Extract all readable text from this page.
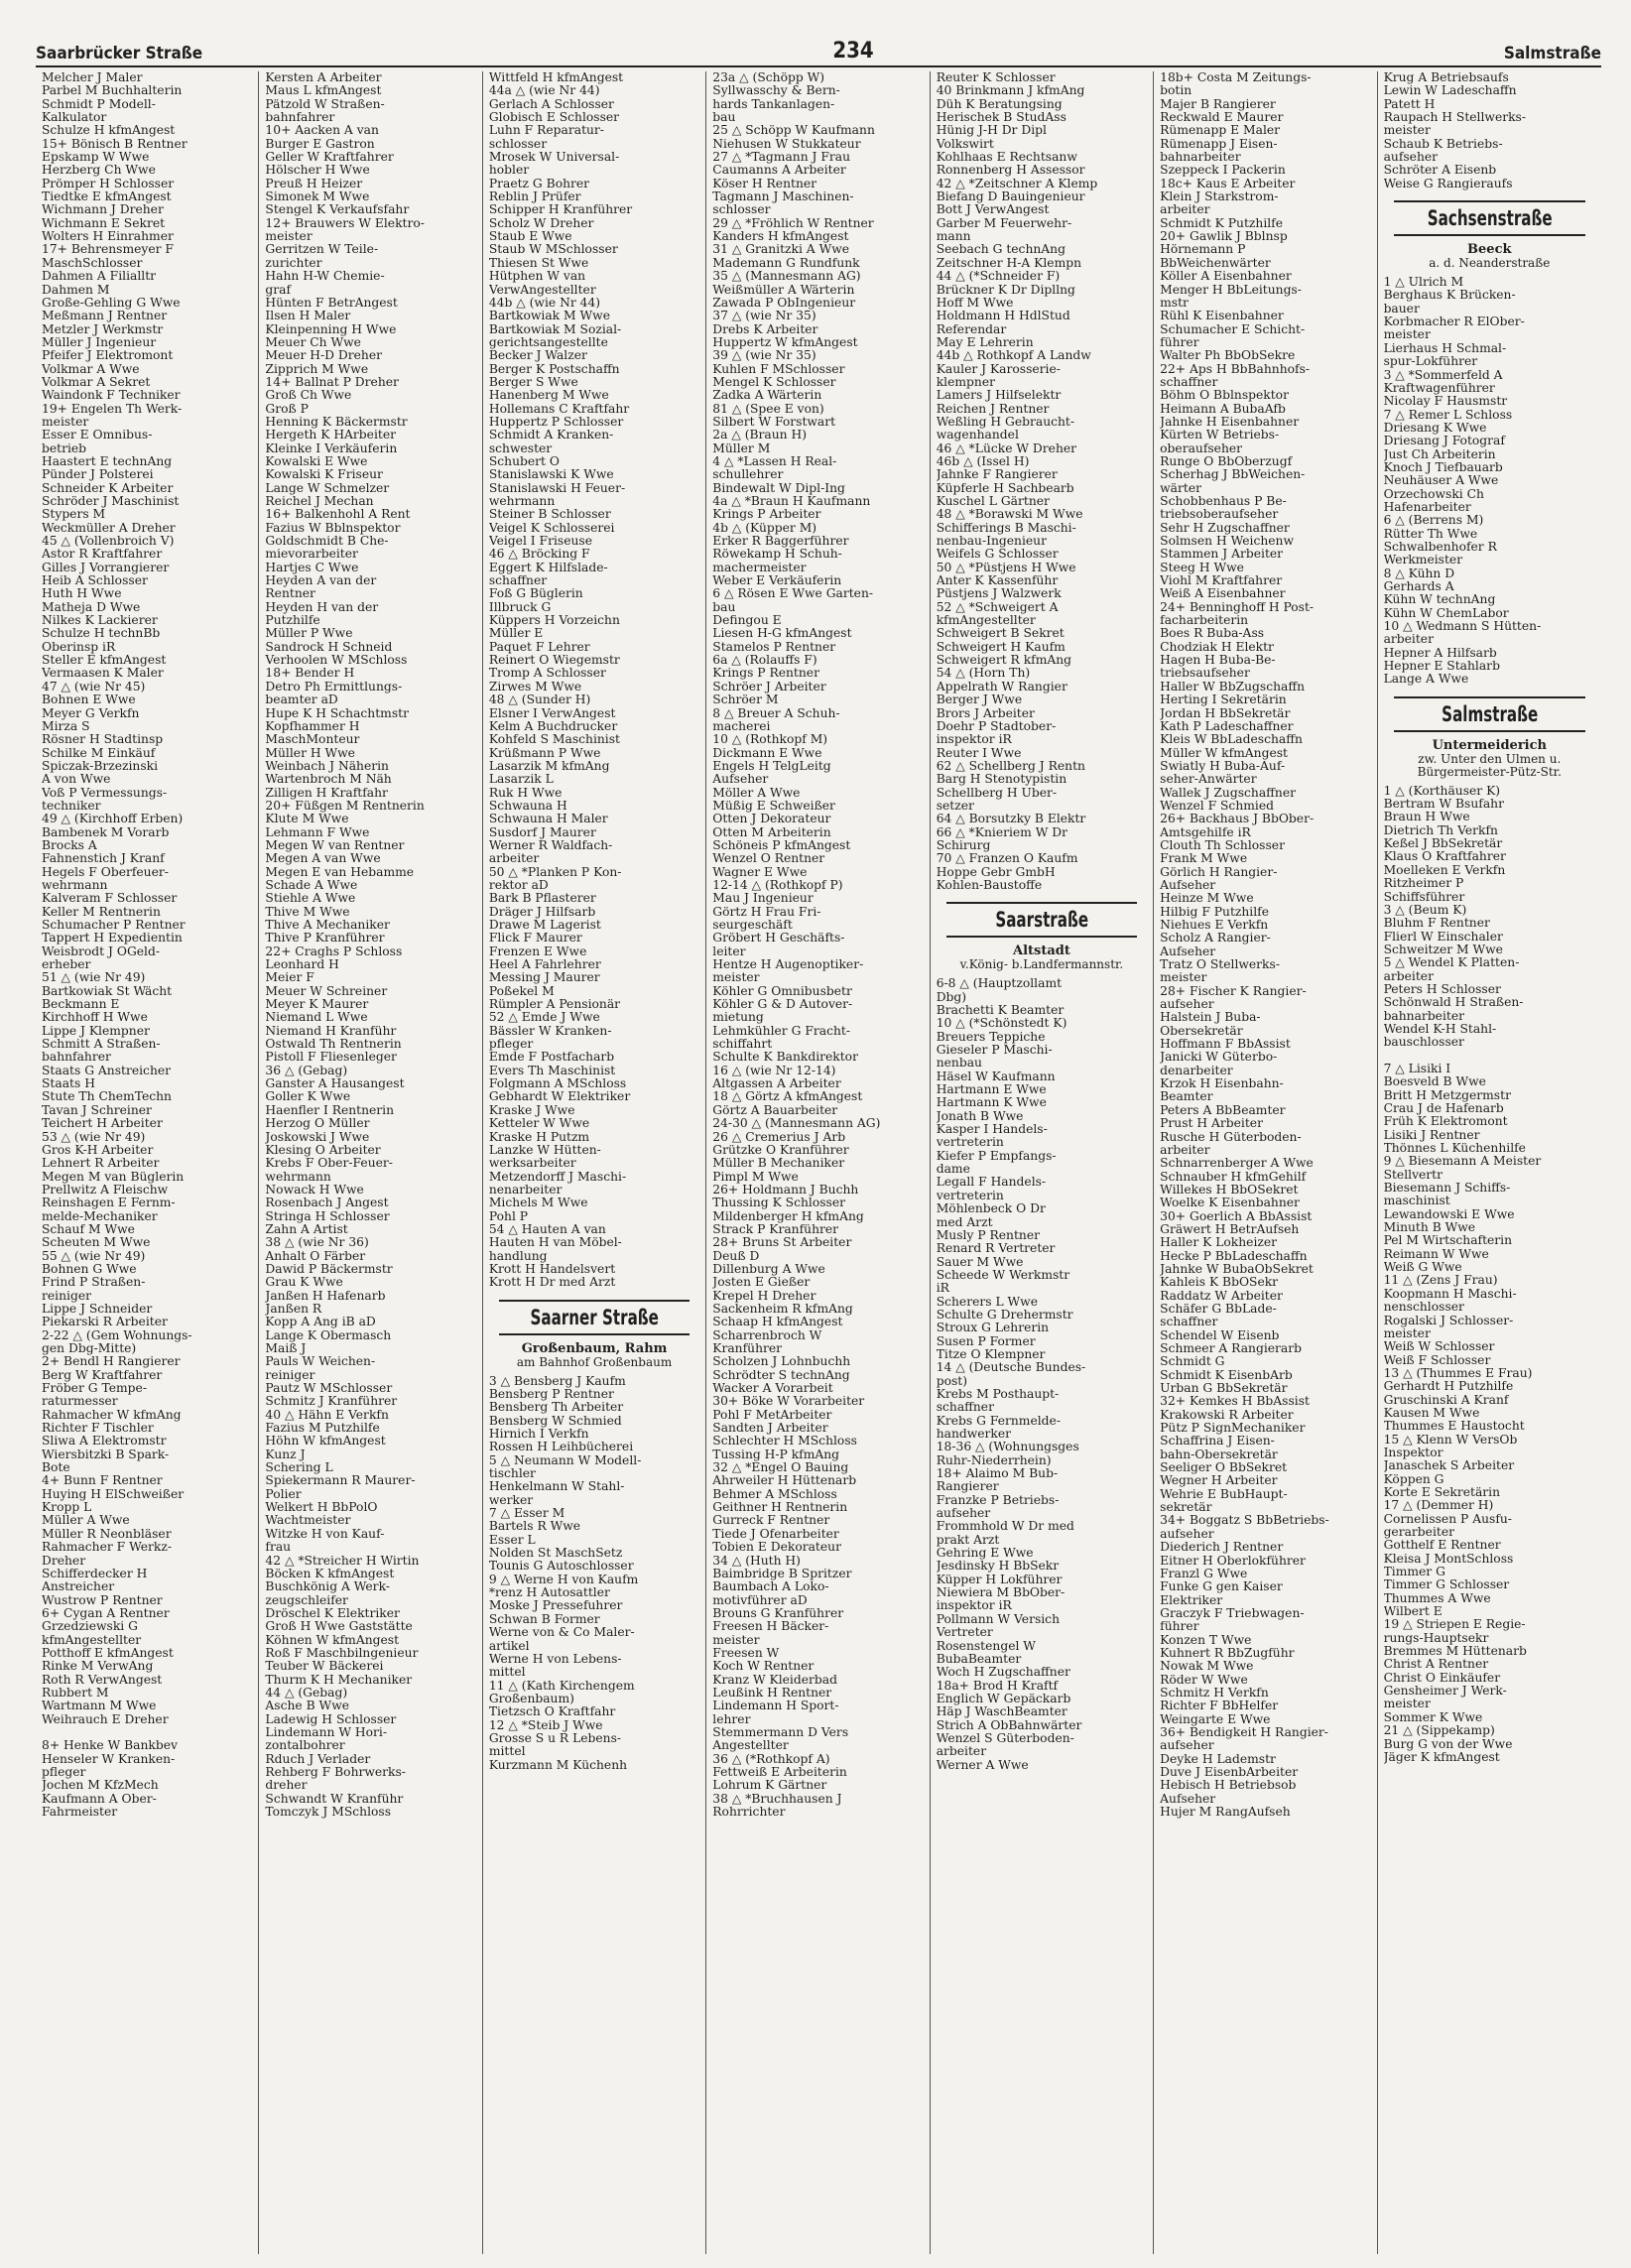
Saarbrücker Straße	234	Salmstraße
Melcher J Maler
Parbel M Buchhalterin
Schmidt P Modell-
Kalkulator
Schulze H kfmAngest
15+ Bönisch B Rentner
Epskamp W Wwe
Herzberg Ch Wwe
Prömper H Schlosser
Tiedtke E kfmAngest
Wichmann J Dreher
Wichmann E Sekret
Wolters H Einrahmer
17+ Behrensmeyer F
MaschSchlosser
Dahmen A Filialltr
Dahmen M
Große-Gehling G Wwe
Meßmann J Rentner
Metzler J Werkmstr
Müller J Ingenieur
Pfeifer J Elektromont
Volkmar A Wwe
Volkmar A Sekret
Waindonk F Techniker
19+ Engelen Th Werk-
meister
Esser E Omnibus-
betrieb
Haastert E technAng
Pünder J Polsterei
Schneider K Arbeiter
Schröder J Maschinist
Stypers M
Weckmüller A Dreher
45 △ (Vollenbroich V)
Astor R Kraftfahrer
Gilles J Vorrangierer
Heib A Schlosser
Huth H Wwe
Matheja D Wwe
Nilkes K Lackierer
Schulze H technBb
Oberinsp iR
Steller E kfmAngest
Vermaasen K Maler
47 △ (wie Nr 45)
Bohnen E Wwe
Meyer G Verkfn
Mirza S
Rösner H Stadtinsp
Schilke M Einkäuf
Spiczak-Brzezinski
A von Wwe
Voß P Vermessungs-
techniker
49 △ (Kirchhoff Erben)
Bambenek M Vorarb
Brocks A
Fahnenstich J Kranf
Hegels F Oberfeuer-
wehrmann
Kalveram F Schlosser
Keller M Rentnerin
Schumacher P Rentner
Tappert H Expedientin
Weisbrodt J OGeld-
erheber
51 △ (wie Nr 49)
Bartkowiak St Wächt
Beckmann E
Kirchhoff H Wwe
Lippe J Klempner
Schmitt A Straßen-
bahnfahrer
Staats G Anstreicher
Staats H
Stute Th ChemTechn
Tavan J Schreiner
Teichert H Arbeiter
53 △ (wie Nr 49)
Gros K-H Arbeiter
Lehnert R Arbeiter
Megen M van Büglerin
Prellwitz A Fleischw
Reinshagen E Fernm-
melde-Mechaniker
Schauf M Wwe
Scheuten M Wwe
55 △ (wie Nr 49)
Bohnen G Wwe
Frind P Straßen-
reiniger
Lippe J Schneider
Piekarski R Arbeiter
2-22 △ (Gem Wohnungs-
gen Dbg-Mitte)
2+ Bendl H Rangierer
Berg W Kraftfahrer
Fröber G Tempe-
raturmesser
Rahmacher W kfmAng
Richter F Tischler
Sliwa A Elektromstr
Wiersbitzki B Spark-
Bote
4+ Bunn F Rentner
Huying H ElSchweißer
Kropp L
Müller A Wwe
Müller R Neonbläser
Rahmacher F Werkz-
Dreher
Schifferdecker H
Anstreicher
Wustrow P Rentner
6+ Cygan A Rentner
Grzedziewski G
kfmAngestellter
Potthoff E kfmAngest
Rinke M VerwAng
Roth R VerwAngest
Rubbert M
Wartmann M Wwe
Weihrauch E Dreher

8+ Henke W Bankbev
Henseler W Kranken-
pfleger
Jochen M KfzMech
Kaufmann A Ober-
Fahrmeister
Kersten A Arbeiter
Maus L kfmAngest
Pätzold W Straßen-
bahnfahrer
10+ Aacken A van
Burger E Gastron
Geller W Kraftfahrer
Hölscher H Wwe
Preuß H Heizer
Simonek M Wwe
Stengel K Verkaufsfahr
12+ Brauwers W Elektro-
meister
Gerritzen W Teile-
zurichter
Hahn H-W Chemie-
graf
Hünten F BetrAngest
Ilsen H Maler
Kleinpenning H Wwe
Meuer Ch Wwe
Meuer H-D Dreher
Zipprich M Wwe
14+ Ballnat P Dreher
Groß Ch Wwe
Groß P
Henning K Bäckermstr
Hergeth K HArbeiter
Kleinke I Verkäuferin
Kowalski E Wwe
Kowalski K Friseur
Lange W Schmelzer
Reichel J Mechan
16+ Balkenhohl A Rent
Fazius W Bblnspektor
Goldschmidt B Che-
mievorarbeiter
Hartjes C Wwe
Heyden A van der
Rentner
Heyden H van der
Putzhilfe
Müller P Wwe
Sandrock H Schneid
Verhoolen W MSchloss
18+ Bender H
Detro Ph Ermittlungs-
beamter aD
Hupe K H Schachtmstr
Kopfhammer H
MaschMonteur
Müller H Wwe
Weinbach J Näherin
Wartenbroch M Näh
Zilligen H Kraftfahr
20+ Füßgen M Rentnerin
Klute M Wwe
Lehmann F Wwe
Megen W van Rentner
Megen A van Wwe
Megen E van Hebamme
Schade A Wwe
Stiehle A Wwe
Thive M Wwe
Thive A Mechaniker
Thive P Kranführer
22+ Craghs P Schloss
Leonhard H
Meier F
Meuer W Schreiner
Meyer K Maurer
Niemand L Wwe
Niemand H Kranführ
Ostwald Th Rentnerin
Pistoll F Fliesenleger
36 △ (Gebag)
Ganster A Hausangest
Goller K Wwe
Haenfler I Rentnerin
Herzog O Müller
Joskowski J Wwe
Klesing O Arbeiter
Krebs F Ober-Feuer-
wehrmann
Nowack H Wwe
Rosenbach J Angest
Stringa H Schlosser
Zahn A Artist
38 △ (wie Nr 36)
Anhalt O Färber
Dawid P Bäckermstr
Grau K Wwe
Janßen H Hafenarb
Janßen R
Kopp A Ang iB aD
Lange K Obermasch
Maiß J
Pauls W Weichen-
reiniger
Pautz W MSchlosser
Schmitz J Kranführer
40 △ Hähn E Verkfn
Fazius M Putzhilfe
Höhn W kfmAngest
Kunz J
Schering L
Spiekermann R Maurer-
Polier
Welkert H BbPolO
Wachtmeister
Witzke H von Kauf-
frau
42 △ *Streicher H Wirtin
Böcken K kfmAngest
Buschkönig A Werk-
zeugschleifer
Dröschel K Elektriker
Groß H Wwe Gaststätte
Köhnen W kfmAngest
Roß F Maschbilngenieur
Teuber W Bäckerei
Thurm K H Mechaniker
44 △ (Gebag)
Asche B Wwe
Ladewig H Schlosser
Lindemann W Hori-
zontalbohrer
Rduch J Verlader
Rehberg F Bohrwerks-
dreher
Schwandt W Kranführ
Tomczyk J MSchloss
Wittfeld H kfmAngest
44a △ (wie Nr 44)
Gerlach A Schlosser
Globisch E Schlosser
Luhn F Reparatur-
schlosser
Mrosek W Universal-
hobler
Praetz G Bohrer
Reblin J Prüfer
Schipper H Kranführer
Scholz W Dreher
Staub E Wwe
Staub W MSchlosser
Thiesen St Wwe
Hütphen W van
VerwAngestellter
44b △ (wie Nr 44)
Bartkowiak M Wwe
Bartkowiak M Sozial-
gerichtsangestellte
Becker J Walzer
Berger K Postschaffn
Berger S Wwe
Hanenberg M Wwe
Hollemans C Kraftfahr
Huppertz P Schlosser
Schmidt A Kranken-
schwester
Schubert O
Stanislawski K Wwe
Stanislawski H Feuer-
wehrmann
Steiner B Schlosser
Veigel K Schlosserei
Veigel I Friseuse
46 △ Bröcking F
Eggert K Hilfslade-
schaffner
Foß G Büglerin
Illbruck G
Küppers H Vorzeichn
Müller E
Paquet F Lehrer
Reinert O Wiegemstr
Tromp A Schlosser
Zirwes M Wwe
48 △ (Sunder H)
Elsner I VerwAngest
Kelm A Buchdrucker
Kohfeld S Maschinist
Krüßmann P Wwe
Lasarzik M kfmAng
Lasarzik L
Ruk H Wwe
Schwauna H
Schwauna H Maler
Susdorf J Maurer
Werner R Waldfach-
arbeiter
50 △ *Planken P Kon-
rektor aD
Bark B Pflasterer
Dräger J Hilfsarb
Drawe M Lagerist
Flick F Maurer
Frenzen E Wwe
Heel A Fahrlehrer
Messing J Maurer
Poßekel M
Rümpler A Pensionär
52 △ Emde J Wwe
Bässler W Kranken-
pfleger
Emde F Postfacharb
Evers Th Maschinist
Folgmann A MSchloss
Gebhardt W Elektriker
Kraske J Wwe
Ketteler W Wwe
Kraske H Putzm
Lanzke W Hütten-
werksarbeiter
Metzendorff J Maschi-
nenarbeiter
Michels M Wwe
Pohl P
54 △ Hauten A van
Hauten H van Möbel-
handlung
Krott H Handelsvert
Krott H Dr med Arzt
Saarner Straße
Großenbaum, Rahm
am Bahnhof Großenbaum
3 △ Bensberg J Kaufm
Bensberg P Rentner
Bensberg Th Arbeiter
Bensberg W Schmied
Hirnich I Verkfn
Rossen H Leihbücherei
5 △ Neumann W Modell-
tischler
Henkelmann W Stahl-
werker
7 △ Esser M
Bartels R Wwe
Esser L
Nolden St MaschSetz
Tounis G Autoschlosser
9 △ Werne H von Kaufm
*renz H Autosattler
Moske J Pressefuhrer
Schwan B Former
Werne von & Co Maler-
artikel
Werne H von Lebens-
mittel
11 △ (Kath Kirchengem
Großenbaum)
Tietzsch O Kraftfahr
12 △ *Steib J Wwe
Grosse S u R Lebens-
mittel
Kurzmann M Küchenh
23a △ (Schöpp W)
Syllwasschy & Bern-
hards Tankanlagen-
bau
25 △ Schöpp W Kaufmann
Niehusen W Stukkateur
27 △ *Tagmann J Frau
Caumanns A Arbeiter
Köser H Rentner
Tagmann J Maschinen-
schlosser
29 △ *Fröhlich W Rentner
Kanders H kfmAngest
31 △ Granitzki A Wwe
Mademann G Rundfunk
35 △ (Mannesmann AG)
Weißmüller A Wärterin
Zawada P ObIngenieur
37 △ (wie Nr 35)
Drebs K Arbeiter
Huppertz W kfmAngest
39 △ (wie Nr 35)
Kuhlen F MSchlosser
Mengel K Schlosser
Zadka A Wärterin
81 △ (Spee E von)
Silbert W Forstwart
2a △ (Braun H)
Müller M
4 △ *Lassen H Real-
schullehrer
Bindewalt W Dipl-Ing
4a △ *Braun H Kaufmann
Krings P Arbeiter
4b △ (Küpper M)
Erker R Baggerführer
Röwekamp H Schuh-
machermeister
Weber E Verkäuferin
6 △ Rösen E Wwe Garten-
bau
Defingou E
Liesen H-G kfmAngest
Stamelos P Rentner
6a △ (Rolauffs F)
Krings P Rentner
Schröer J Arbeiter
Schröer M
8 △ Breuer A Schuh-
macherei
10 △ (Rothkopf M)
Dickmann E Wwe
Engels H TelgLeitg
Aufseher
Möller A Wwe
Müßig E Schweißer
Otten J Dekorateur
Otten M Arbeiterin
Schöneis P kfmAngest
Wenzel O Rentner
Wagner E Wwe
12-14 △ (Rothkopf P)
Mau J Ingenieur
Görtz H Frau Fri-
seurgeschäft
Gröbert H Geschäfts-
leiter
Hentze H Augenoptiker-
meister
Köhler G Omnibusbetr
Köhler G & D Autover-
mietung
Lehmkühler G Fracht-
schiffahrt
Schulte K Bankdirektor
16 △ (wie Nr 12-14)
Altgassen A Arbeiter
18 △ Görtz A kfmAngest
Görtz A Bauarbeiter
24-30 △ (Mannesmann AG)
26 △ Cremerius J Arb
Grützke O Kranführer
Müller B Mechaniker
Pimpl M Wwe
26+ Holdmann J Buchh
Thussing K Schlosser
Mildenberger H kfmAng
Strack P Kranführer
28+ Bruns St Arbeiter
Deuß D
Dillenburg A Wwe
Josten E Gießer
Krepel H Dreher
Sackenheim R kfmAng
Schaap H kfmAngest
Scharrenbroch W
Kranführer
Scholzen J Lohnbuchh
Schrödter S technAng
Wacker A Vorarbeit
30+ Böke W Vorarbeiter
Pohl F MetArbeiter
Sandten J Arbeiter
Schlechter H MSchloss
Tussing H-P kfmAng
32 △ *Engel O Bauing
Ahrweiler H Hüttenarb
Behmer A MSchloss
Geithner H Rentnerin
Gurreck F Rentner
Tiede J Ofenarbeiter
Tobien E Dekorateur
34 △ (Huth H)
Baimbridge B Spritzer
Baumbach A Loko-
motivführer aD
Brouns G Kranführer
Freesen H Bäcker-
meister
Freesen W
Koch W Rentner
Kranz W Kleiderbad
Leußink H Rentner
Lindemann H Sport-
lehrer
Stemmermann D Vers
Angestellter
36 △ (*Rothkopf A)
Fettweiß E Arbeiterin
Lohrum K Gärtner
38 △ *Bruchhausen J
Rohrrichter
Reuter K Schlosser
40 Brinkmann J kfmAng
Düh K Beratungsing
Herischek B StudAss
Hünig J-H Dr Dipl
Volkswirt
Kohlhaas E Rechtsanw
Ronnenberg H Assessor
42 △ *Zeitschner A Klemp
Biefang D Bauingenieur
Bott J VerwAngest
Garber M Feuerwehr-
mann
Seebach G technAng
Zeitschner H-A Klempn
44 △ (*Schneider F)
Brückner K Dr Dipllng
Hoff M Wwe
Holdmann H HdlStud
Referendar
May E Lehrerin
44b △ Rothkopf A Landw
Kauler J Karosserie-
klempner
Lamers J Hilfselektr
Reichen J Rentner
Weßling H Gebraucht-
wagenhandel
46 △ *Lücke W Dreher
46b △ (Issel H)
Jahnke F Rangierer
Küpferle H Sachbearb
Kuschel L Gärtner
48 △ *Borawski M Wwe
Schifferings B Maschi-
nenbau-Ingenieur
Weifels G Schlosser
50 △ *Püstjens H Wwe
Anter K Kassenführ
Püstjens J Walzwerk
52 △ *Schweigert A
kfmAngestellter
Schweigert B Sekret
Schweigert H Kaufm
Schweigert R kfmAng
54 △ (Horn Th)
Appelrath W Rangier
Berger J Wwe
Brors J Arbeiter
Doehr P Stadtober-
inspektor iR
Reuter I Wwe
62 △ Schellberg J Rentn
Barg H Stenotypistin
Schellberg H Über-
setzer
64 △ Borsutzky B Elektr
66 △ *Knieriem W Dr
Schirurg
70 △ Franzen O Kaufm
Hoppe Gebr GmbH
Kohlen-Baustoffe
Saarstraße
Altstadt
v.König- b.Landfermannstr.
6-8 △ (Hauptzollamt
Dbg)
Brachetti K Beamter
10 △ (*Schönstedt K)
Breuers Teppiche
Gieseler P Maschi-
nenbau
Häsel W Kaufmann
Hartmann E Wwe
Hartmann K Wwe
Jonath B Wwe
Kasper I Handels-
vertreterin
Kiefer P Empfangs-
dame
Legall F Handels-
vertreterin
Möhlenbeck O Dr
med Arzt
Musly P Rentner
Renard R Vertreter
Sauer M Wwe
Scheede W Werkmstr
iR
Scherers L Wwe
Schulte G Drehermstr
Stroux G Lehrerin
Susen P Former
Titze O Klempner
14 △ (Deutsche Bundes-
post)
Krebs M Posthaupt-
schaffner
Krebs G Fernmelde-
handwerker
18-36 △ (Wohnungsges
Ruhr-Niederrhein)
18+ Alaimo M Bub-
Rangierer
Franzke P Betriebs-
aufseher
Frommhold W Dr med
prakt Arzt
Gehring E Wwe
Jesdinsky H BbSekr
Küpper H Lokführer
Niewiera M BbOber-
inspektor iR
Pollmann W Versich
Vertreter
Rosenstengel W
BubaBeamter
Woch H Zugschaffner
18a+ Brod H Kraftf
Englich W Gepäckarb
Häp J WaschBeamter
Strich A ObBahnwärter
Wenzel S Güterboden-
arbeiter
Werner A Wwe
18b+ Costa M Zeitungs-
botin
Majer B Rangierer
Reckwald E Maurer
Rümenapp E Maler
Rümenapp J Eisen-
bahnarbeiter
Szeppeck I Packerin
18c+ Kaus E Arbeiter
Klein J Starkstrom-
arbeiter
Schmidt K Putzhilfe
20+ Gawlik J Bblnsp
Hörnemann P
BbWeichenwärter
Köller A Eisenbahner
Menger H BbLeitungs-
mstr
Rühl K Eisenbahner
Schumacher E Schicht-
führer
Walter Ph BbObSekre
22+ Aps H BbBahnhofs-
schaffner
Böhm O Bblnspektor
Heimann A BubaAfb
Jahnke H Eisenbahner
Kürten W Betriebs-
oberaufseher
Runge O BbOberzugf
Scherhag J BbWeichen-
wärter
Schobbenhaus P Be-
triebsoberaufseher
Sehr H Zugschaffner
Solmsen H Weichenw
Stammen J Arbeiter
Steeg H Wwe
Viohl M Kraftfahrer
Weiß A Eisenbahner
24+ Benninghoff H Post-
facharbeiterin
Boes R Buba-Ass
Chodziak H Elektr
Hagen H Buba-Be-
triebsaufseher
Haller W BbZugschaffn
Herting I Sekretärin
Jordan H BbSekretär
Kath P Ladeschaffner
Kleis W BbLadeschaffn
Müller W kfmAngest
Swiatly H Buba-Auf-
seher-Anwärter
Wallek J Zugschaffner
Wenzel F Schmied
26+ Backhaus J BbOber-
Amtsgehilfe iR
Clouth Th Schlosser
Frank M Wwe
Görlich H Rangier-
Aufseher
Heinze M Wwe
Hilbig F Putzhilfe
Niehues E Verkfn
Scholz A Rangier-
Aufseher
Tratz O Stellwerks-
meister
28+ Fischer K Rangier-
aufseher
Halstein J Buba-
Obersekretär
Hoffmann F BbAssist
Janicki W Güterbo-
denarbeiter
Krzok H Eisenbahn-
Beamter
Peters A BbBeamter
Prust H Arbeiter
Rusche H Güterboden-
arbeiter
Schnarrenberger A Wwe
Schnauber H kfmGehilf
Willekes H BbOSekret
Woelke K Eisenbahner
30+ Goerlich A BbAssist
Gräwert H BetrAufseh
Haller K Lokheizer
Hecke P BbLadeschaffn
Jahnke W BubaObSekret
Kahleis K BbOSekr
Raddatz W Arbeiter
Schäfer G BbLade-
schaffner
Schendel W Eisenb
Schmeer A Rangierarb
Schmidt G
Schmidt K EisenbArb
Urban G BbSekretär
32+ Kemkes H BbAssist
Krakowski R Arbeiter
Pütz P SignMechaniker
Schaffrina J Eisen-
bahn-Obersekretär
Seeliger O BbSekret
Wegner H Arbeiter
Wehrie E BubHaupt-
sekretär
34+ Boggatz S BbBetriebs-
aufseher
Diederich J Rentner
Eitner H Oberlokführer
Franzl G Wwe
Funke G gen Kaiser
Elektriker
Graczyk F Triebwagen-
führer
Konzen T Wwe
Kuhnert R BbZugführ
Nowak M Wwe
Röder W Wwe
Schmitz H Verkfn
Richter F BbHelfer
Weingarte E Wwe
36+ Bendigkeit H Rangier-
aufseher
Deyke H Lademstr
Duve J EisenbArbeiter
Hebisch H Betriebsob
Aufseher
Hujer M RangAufseh
Krug A Betriebsaufs
Lewin W Ladeschaffn
Patett H
Raupach H Stellwerks-
meister
Schaub K Betriebs-
aufseher
Schröter A Eisenb
Weise G Rangieraufs
Sachsenstraße
Beeck
a. d. Neanderstraße
1 △ Ulrich M
Berghaus K Brücken-
bauer
Korbmacher R ElOber-
meister
Lierhaus H Schmal-
spur-Lokführer
3 △ *Sommerfeld A
Kraftwagenführer
Nicolay F Hausmstr
7 △ Remer L Schloss
Driesang K Wwe
Driesang J Fotograf
Just Ch Arbeiterin
Knoch J Tiefbauarb
Neuhäuser A Wwe
Orzechowski Ch
Hafenarbeiter
6 △ (Berrens M)
Rütter Th Wwe
Schwalbenhofer R
Werkmeister
8 △ Kühn D
Gerhards A
Kühn W technAng
Kühn W ChemLabor
10 △ Wedmann S Hütten-
arbeiter
Hepner A Hilfsarb
Hepner E Stahlarb
Lange A Wwe
Salmstraße
Untermeiderich
zw. Unter den Ulmen u. Bürgermeister-Pütz-Str.
1 △ (Korthäuser K)
Bertram W Bsufahr
Braun H Wwe
Dietrich Th Verkfn
Keßel J BbSekretär
Klaus O Kraftfahrer
Moelleken E Verkfn
Ritzheimer P
Schiffsführer
3 △ (Beum K)
Bluhm F Rentner
Flierl W Einschaler
Schweitzer M Wwe
5 △ Wendel K Platten-
arbeiter
Peters H Schlosser
Schönwald H Straßen-
bahnarbeiter
Wendel K-H Stahl-
bauschlosser

7 △ Lisiki I
Boesveld B Wwe
Britt H Metzgermstr
Crau J de Hafenarb
Früh K Elektromont
Lisiki J Rentner
Thönnes L Küchenhilfe
9 △ Biesemann A Meister
Stellvertr
Biesemann J Schiffs-
maschinist
Lewandowski E Wwe
Minuth B Wwe
Pel M Wirtschafterin
Reimann W Wwe
Weiß G Wwe
11 △ (Zens J Frau)
Koopmann H Maschi-
nenschlosser
Rogalski J Schlosser-
meister
Weiß W Schlosser
Weiß F Schlosser
13 △ (Thummes E Frau)
Gerhardt H Putzhilfe
Gruschinski A Kranf
Kausen M Wwe
Thummes E Haustocht
15 △ Klenn W VersOb
Inspektor
Janaschek S Arbeiter
Köppen G
Korte E Sekretärin
17 △ (Demmer H)
Cornelissen P Ausfu-
gerarbeiter
Gotthelf E Rentner
Kleisa J MontSchloss
Timmer G
Timmer G Schlosser
Thummes A Wwe
Wilbert E
19 △ Striepen E Regie-
rungs-Hauptsekr
Bremmes M Hüttenarb
Christ A Rentner
Christ O Einkäufer
Gensheimer J Werk-
meister
Sommer K Wwe
21 △ (Sippekamp)
Burg G von der Wwe
Jäger K kfmAngest
